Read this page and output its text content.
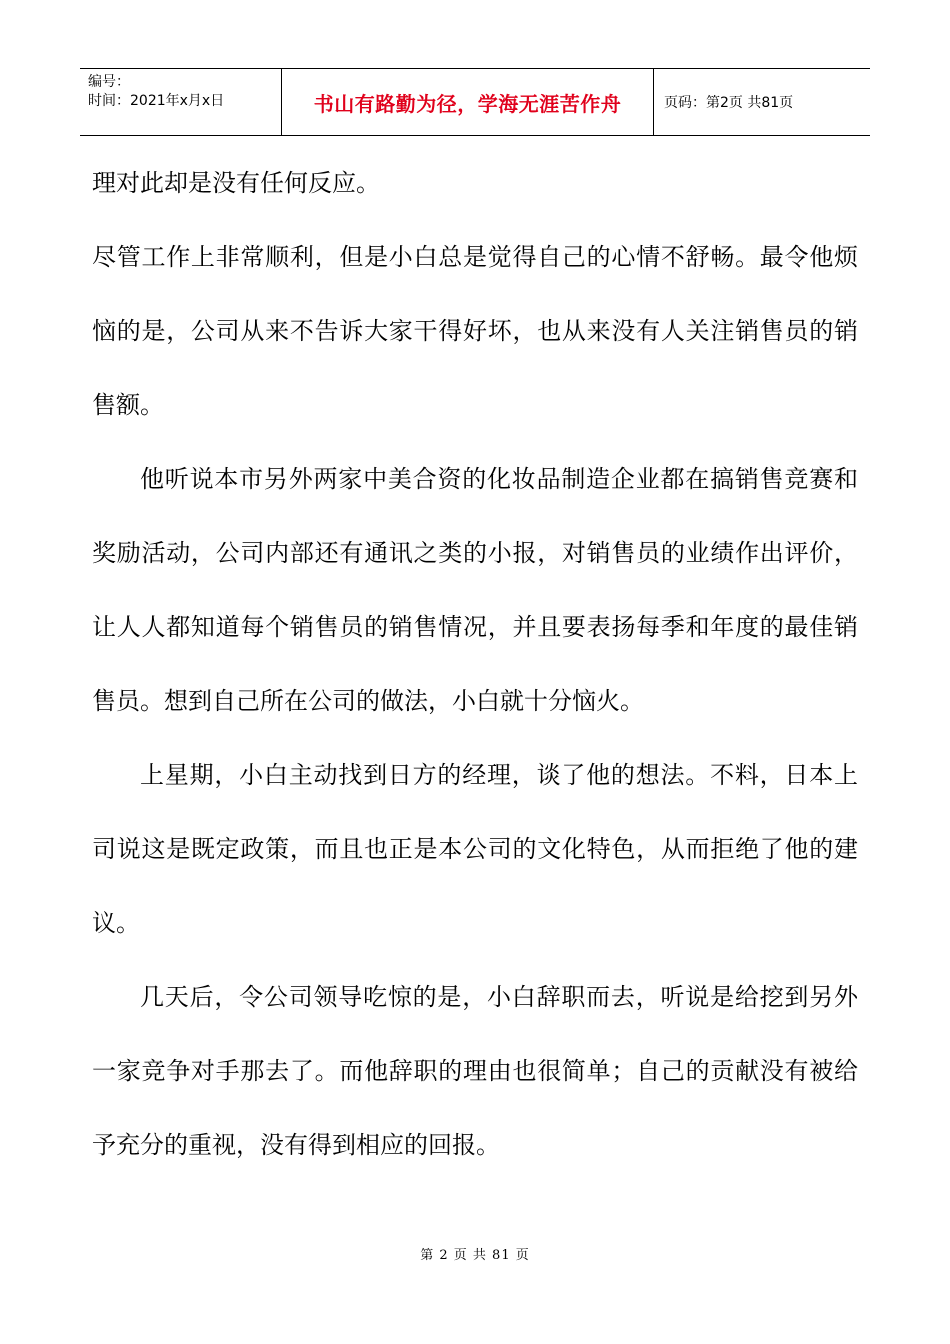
编号：
时间：2021年x月x日	书山有路勤为径，学海无涯苦作舟	页码：第2页 共81页

理对此却是没有任何反应。

尽管工作上非常顺利，但是小白总是觉得自己的心情不舒畅。最令他烦恼的是，公司从来不告诉大家干得好坏，也从来没有人关注销售员的销售额。

他听说本市另外两家中美合资的化妆品制造企业都在搞销售竞赛和奖励活动，公司内部还有通讯之类的小报，对销售员的业绩作出评价，让人人都知道每个销售员的销售情况，并且要表扬每季和年度的最佳销售员。想到自己所在公司的做法，小白就十分恼火。

上星期，小白主动找到日方的经理，谈了他的想法。不料，日本上司说这是既定政策，而且也正是本公司的文化特色，从而拒绝了他的建议。

几天后，令公司领导吃惊的是，小白辞职而去，听说是给挖到另外一家竞争对手那去了。而他辞职的理由也很简单；自己的贡献没有被给予充分的重视，没有得到相应的回报。

第 2 页 共 81 页
